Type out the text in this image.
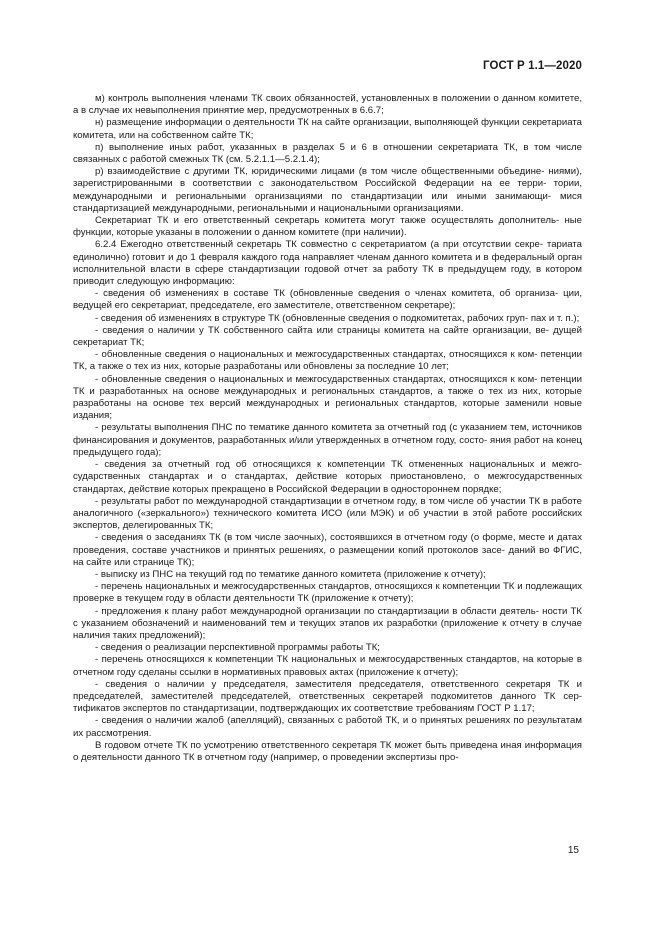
ГОСТ Р 1.1—2020

м) контроль выполнения членами ТК своих обязанностей, установленных в положении о данном комитете, а в случае их невыполнения принятие мер, предусмотренных в 6.6.7;

н) размещение информации о деятельности ТК на сайте организации, выполняющей функции секретариата комитета, или на собственном сайте ТК;

п) выполнение иных работ, указанных в разделах 5 и 6 в отношении секретариата ТК, в том числе связанных с работой смежных ТК (см. 5.2.1.1—5.2.1.4);

р) взаимодействие с другими ТК, юридическими лицами (в том числе общественными объедине- ниями), зарегистрированными в соответствии с законодательством Российской Федерации на ее терри- тории, международными и региональными организациями по стандартизации или иными занимающи- мися стандартизацией международными, региональными и национальными организациями.

Секретариат ТК и его ответственный секретарь комитета могут также осуществлять дополнитель- ные функции, которые указаны в положении о данном комитете (при наличии).

6.2.4 Ежегодно ответственный секретарь ТК совместно с секретариатом (а при отсутствии секре- тариата единолично) готовит и до 1 февраля каждого года направляет членам данного комитета и в федеральный орган исполнительной власти в сфере стандартизации годовой отчет за работу ТК в предыдущем году, в котором приводит следующую информацию:

- сведения об изменениях в составе ТК (обновленные сведения о членах комитета, об организа- ции, ведущей его секретариат, председателе, его заместителе, ответственном секретаре);

- сведения об изменениях в структуре ТК (обновленные сведения о подкомитетах, рабочих груп- пах и т. п.);

- сведения о наличии у ТК собственного сайта или страницы комитета на сайте организации, ве- дущей секретариат ТК;

- обновленные сведения о национальных и межгосударственных стандартах, относящихся к ком- петенции ТК, а также о тех из них, которые разработаны или обновлены за последние 10 лет;

- обновленные сведения о национальных и межгосударственных стандартах, относящихся к ком- петенции ТК и разработанных на основе международных и региональных стандартов, а также о тех из них, которые разработаны на основе тех версий международных и региональных стандартов, которые заменили новые издания;

- результаты выполнения ПНС по тематике данного комитета за отчетный год (с указанием тем, источников финансирования и документов, разработанных и/или утвержденных в отчетном году, состо- яния работ на конец предыдущего года);

- сведения за отчетный год об относящихся к компетенции ТК отмененных национальных и межго- сударственных стандартах и о стандартах, действие которых приостановлено, о межгосударственных стандартах, действие которых прекращено в Российской Федерации в одностороннем порядке;

- результаты работ по международной стандартизации в отчетном году, в том числе об участии ТК в работе аналогичного («зеркального») технического комитета ИСО (или МЭК) и об участии в этой работе российских экспертов, делегированных ТК;

- сведения о заседаниях ТК (в том числе заочных), состоявшихся в отчетном году (о форме, месте и датах проведения, составе участников и принятых решениях, о размещении копий протоколов засе- даний во ФГИС, на сайте или странице ТК);

- выписку из ПНС на текущий год по тематике данного комитета (приложение к отчету);

- перечень национальных и межгосударственных стандартов, относящихся к компетенции ТК и подлежащих проверке в текущем году в области деятельности ТК (приложение к отчету);

- предложения к плану работ международной организации по стандартизации в области деятель- ности ТК с указанием обозначений и наименований тем и текущих этапов их разработки (приложение к отчету в случае наличия таких предложений);

- сведения о реализации перспективной программы работы ТК;

- перечень относящихся к компетенции ТК национальных и межгосударственных стандартов, на которые в отчетном году сделаны ссылки в нормативных правовых актах (приложение к отчету);

- сведения о наличии у председателя, заместителя председателя, ответственного секретаря ТК и председателей, заместителей председателей, ответственных секретарей подкомитетов данного ТК сер- тификатов экспертов по стандартизации, подтверждающих их соответствие требованиям ГОСТ Р 1.17;

- сведения о наличии жалоб (апелляций), связанных с работой ТК, и о принятых решениях по результатам их рассмотрения.

В годовом отчете ТК по усмотрению ответственного секретаря ТК может быть приведена иная информация о деятельности данного ТК в отчетном году (например, о проведении экспертизы про-

15
